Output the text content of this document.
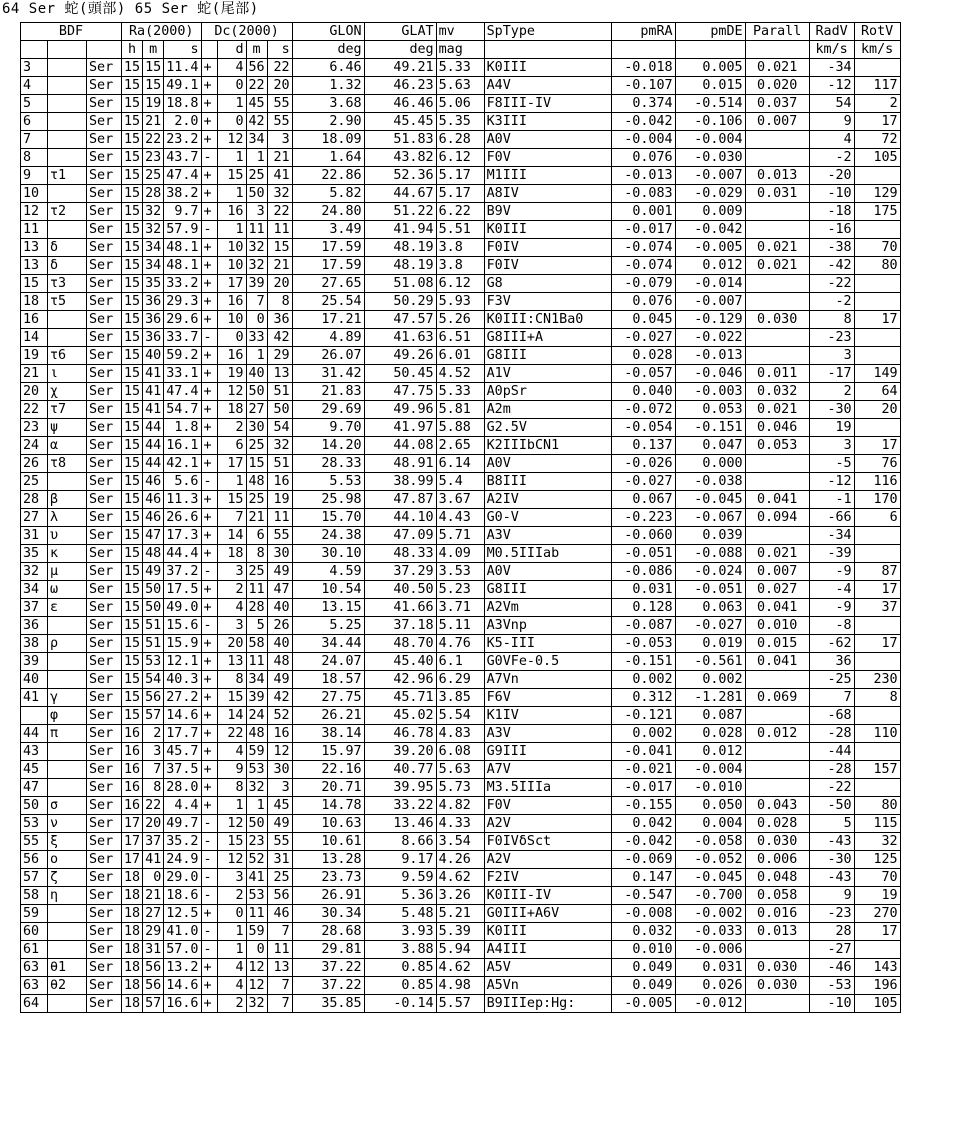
64 Ser 蛇(頭部) 65 Ser 蛇(尾部)
BDF			Ra(2000)			Dc(2000)				GLON	GLAT	mv	SpType	pmRA	pmDE	Parall	RadV	RotV
			h	m	s		d	m	s	deg	deg	mag					km/s	km/s
3		Ser	15	15	11.4	+	4	56	22	6.46	49.21	5.33	K0III	-0.018	0.005	0.021	-34	
4		Ser	15	15	49.1	+	0	22	20	1.32	46.23	5.63	A4V	-0.107	0.015	0.020	-12	117
5		Ser	15	19	18.8	+	1	45	55	3.68	46.46	5.06	F8III-IV	0.374	-0.514	0.037	54	2
6		Ser	15	21	2.0	+	0	42	55	2.90	45.45	5.35	K3III	-0.042	-0.106	0.007	9	17
7		Ser	15	22	23.2	+	12	34	3	18.09	51.83	6.28	A0V	-0.004	-0.004		4	72
8		Ser	15	23	43.7	-	1	1	21	1.64	43.82	6.12	F0V	0.076	-0.030		-2	105
9	τ1	Ser	15	25	47.4	+	15	25	41	22.86	52.36	5.17	M1III	-0.013	-0.007	0.013	-20	
10		Ser	15	28	38.2	+	1	50	32	5.82	44.67	5.17	A8IV	-0.083	-0.029	0.031	-10	129
12	τ2	Ser	15	32	9.7	+	16	3	22	24.80	51.22	6.22	B9V	0.001	0.009		-18	175
11		Ser	15	32	57.9	-	1	11	11	3.49	41.94	5.51	K0III	-0.017	-0.042		-16	
13	δ	Ser	15	34	48.1	+	10	32	15	17.59	48.19	3.8	F0IV	-0.074	-0.005	0.021	-38	70
13	δ	Ser	15	34	48.1	+	10	32	21	17.59	48.19	3.8	F0IV	-0.074	0.012	0.021	-42	80
15	τ3	Ser	15	35	33.2	+	17	39	20	27.65	51.08	6.12	G8	-0.079	-0.014		-22	
18	τ5	Ser	15	36	29.3	+	16	7	8	25.54	50.29	5.93	F3V	0.076	-0.007		-2	
16		Ser	15	36	29.6	+	10	0	36	17.21	47.57	5.26	K0III:CN1Ba0	0.045	-0.129	0.030	8	17
14		Ser	15	36	33.7	-	0	33	42	4.89	41.63	6.51	G8III+A	-0.027	-0.022		-23	
19	τ6	Ser	15	40	59.2	+	16	1	29	26.07	49.26	6.01	G8III	0.028	-0.013		3	
21	ι	Ser	15	41	33.1	+	19	40	13	31.42	50.45	4.52	A1V	-0.057	-0.046	0.011	-17	149
20	χ	Ser	15	41	47.4	+	12	50	51	21.83	47.75	5.33	A0pSr	0.040	-0.003	0.032	2	64
22	τ7	Ser	15	41	54.7	+	18	27	50	29.69	49.96	5.81	A2m	-0.072	0.053	0.021	-30	20
23	ψ	Ser	15	44	1.8	+	2	30	54	9.70	41.97	5.88	G2.5V	-0.054	-0.151	0.046	19	
24	α	Ser	15	44	16.1	+	6	25	32	14.20	44.08	2.65	K2IIIbCN1	0.137	0.047	0.053	3	17
26	τ8	Ser	15	44	42.1	+	17	15	51	28.33	48.91	6.14	A0V	-0.026	0.000		-5	76
25		Ser	15	46	5.6	-	1	48	16	5.53	38.99	5.4	B8III	-0.027	-0.038		-12	116
28	β	Ser	15	46	11.3	+	15	25	19	25.98	47.87	3.67	A2IV	0.067	-0.045	0.041	-1	170
27	λ	Ser	15	46	26.6	+	7	21	11	15.70	44.10	4.43	G0-V	-0.223	-0.067	0.094	-66	6
31	υ	Ser	15	47	17.3	+	14	6	55	24.38	47.09	5.71	A3V	-0.060	0.039		-34	
35	κ	Ser	15	48	44.4	+	18	8	30	30.10	48.33	4.09	M0.5IIIab	-0.051	-0.088	0.021	-39	
32	μ	Ser	15	49	37.2	-	3	25	49	4.59	37.29	3.53	A0V	-0.086	-0.024	0.007	-9	87
34	ω	Ser	15	50	17.5	+	2	11	47	10.54	40.50	5.23	G8III	0.031	-0.051	0.027	-4	17
37	ε	Ser	15	50	49.0	+	4	28	40	13.15	41.66	3.71	A2Vm	0.128	0.063	0.041	-9	37
36		Ser	15	51	15.6	-	3	5	26	5.25	37.18	5.11	A3Vnp	-0.087	-0.027	0.010	-8	
38	ρ	Ser	15	51	15.9	+	20	58	40	34.44	48.70	4.76	K5-III	-0.053	0.019	0.015	-62	17
39		Ser	15	53	12.1	+	13	11	48	24.07	45.40	6.1	G0VFe-0.5	-0.151	-0.561	0.041	36	
40		Ser	15	54	40.3	+	8	34	49	18.57	42.96	6.29	A7Vn	0.002	0.002		-25	230
41	γ	Ser	15	56	27.2	+	15	39	42	27.75	45.71	3.85	F6V	0.312	-1.281	0.069	7	8
	φ	Ser	15	57	14.6	+	14	24	52	26.21	45.02	5.54	K1IV	-0.121	0.087		-68	
44	π	Ser	16	2	17.7	+	22	48	16	38.14	46.78	4.83	A3V	0.002	0.028	0.012	-28	110
43		Ser	16	3	45.7	+	4	59	12	15.97	39.20	6.08	G9III	-0.041	0.012		-44	
45		Ser	16	7	37.5	+	9	53	30	22.16	40.77	5.63	A7V	-0.021	-0.004		-28	157
47		Ser	16	8	28.0	+	8	32	3	20.71	39.95	5.73	M3.5IIIa	-0.017	-0.010		-22	
50	σ	Ser	16	22	4.4	+	1	1	45	14.78	33.22	4.82	F0V	-0.155	0.050	0.043	-50	80
53	ν	Ser	17	20	49.7	-	12	50	49	10.63	13.46	4.33	A2V	0.042	0.004	0.028	5	115
55	ξ	Ser	17	37	35.2	-	15	23	55	10.61	8.66	3.54	F0IVδSct	-0.042	-0.058	0.030	-43	32
56	ο	Ser	17	41	24.9	-	12	52	31	13.28	9.17	4.26	A2V	-0.069	-0.052	0.006	-30	125
57	ζ	Ser	18	0	29.0	-	3	41	25	23.73	9.59	4.62	F2IV	0.147	-0.045	0.048	-43	70
58	η	Ser	18	21	18.6	-	2	53	56	26.91	5.36	3.26	K0III-IV	-0.547	-0.700	0.058	9	19
59		Ser	18	27	12.5	+	0	11	46	30.34	5.48	5.21	G0III+A6V	-0.008	-0.002	0.016	-23	270
60		Ser	18	29	41.0	-	1	59	7	28.68	3.93	5.39	K0III	0.032	-0.033	0.013	28	17
61		Ser	18	31	57.0	-	1	0	11	29.81	3.88	5.94	A4III	0.010	-0.006		-27	
63	θ1	Ser	18	56	13.2	+	4	12	13	37.22	0.85	4.62	A5V	0.049	0.031	0.030	-46	143
63	θ2	Ser	18	56	14.6	+	4	12	7	37.22	0.85	4.98	A5Vn	0.049	0.026	0.030	-53	196
64		Ser	18	57	16.6	+	2	32	7	35.85	-0.14	5.57	B9IIIep:Hg:	-0.005	-0.012		-10	105
